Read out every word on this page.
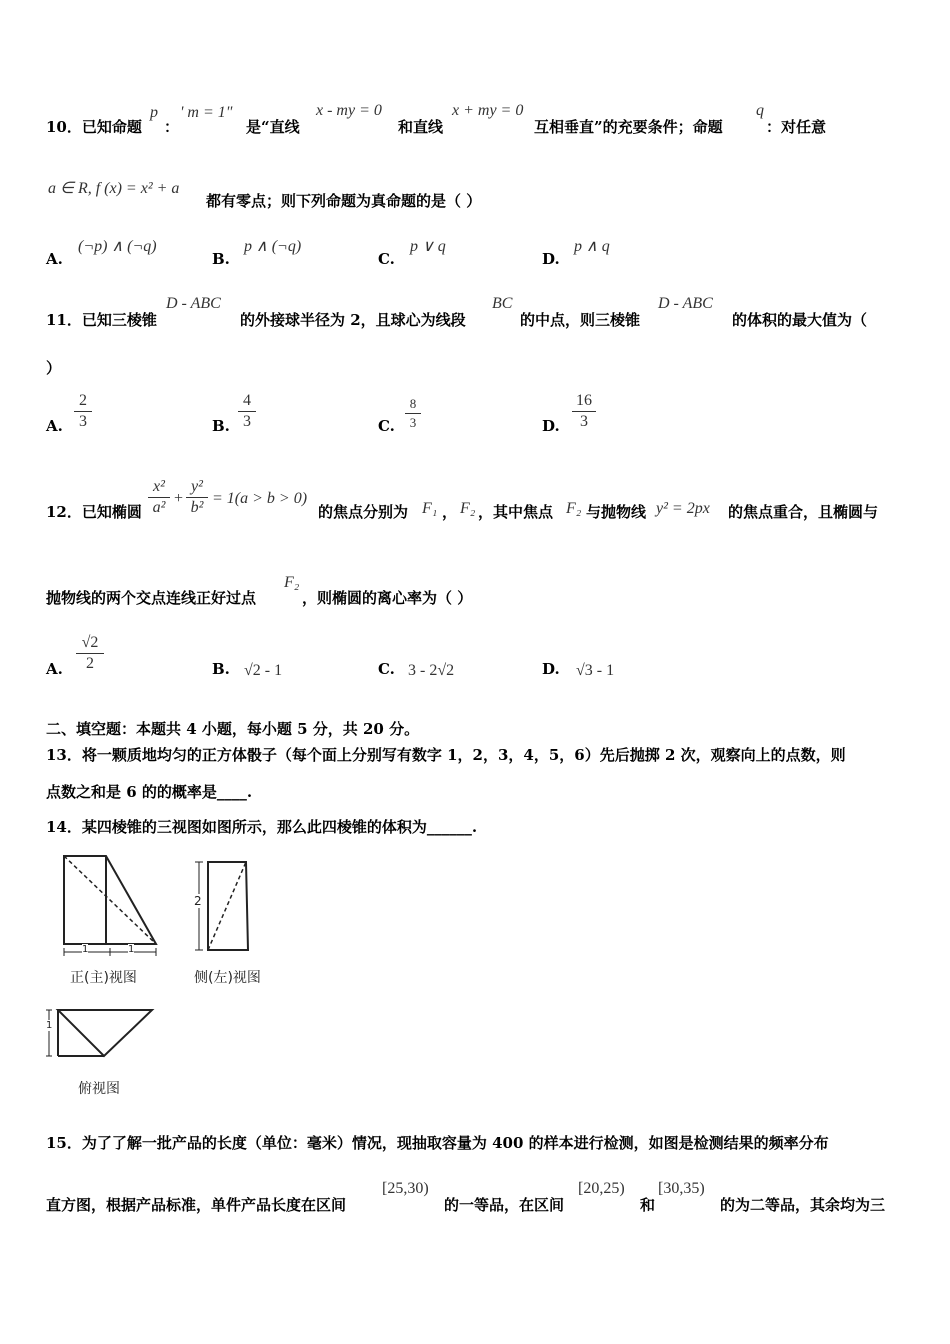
10．已知命题
p
：
' m = 1"
是“直线
x - my = 0
和直线
x + my = 0
互相垂直”的充要条件；命题
q
：对任意
a ∈ R, f (x) = x² + a
都有零点；则下列命题为真命题的是（ ）
A.
(¬p) ∧ (¬q)
B.
p ∧ (¬q)
C.
p ∨ q
D.
p ∧ q
11．已知三棱锥
D - ABC
的外接球半径为 2，且球心为线段
BC
的中点，则三棱锥
D - ABC
的体积的最大值为（
）
A.
2
3	B.
4
3	C.
8
3	D.
16
3
12．已知椭圆
x²
a²
+
y²
b²
= 1(a > b > 0)
的焦点分别为 F₁ ， F₂ ，其中焦点 F₂ 与抛物线 y² = 2px 的焦点重合，且椭圆与
抛物线的两个交点连线正好过点
F₂
，则椭圆的离心率为（ ）
A.
√2
2	B. √2 - 1	C. 3 - 2√2	D. √3 - 1
二、填空题：本题共 4 小题，每小题 5 分，共 20 分。
13．将一颗质地均匀的正方体骰子（每个面上分别写有数字 1，2，3，4，5，6）先后抛掷 2 次，观察向上的点数，则
点数之和是 6 的的概率是____.
14．某四棱锥的三视图如图所示，那么此四棱锥的体积为______.
1	1
正(主)视图
2
侧(左)视图
1
俯视图
15．为了了解一批产品的长度（单位：毫米）情况，现抽取容量为 400 的样本进行检测，如图是检测结果的频率分布
直方图，根据产品标准，单件产品长度在区间
[25,30)
的一等品，在区间
[20,25)
和
[30,35)
的为二等品，其余均为三
